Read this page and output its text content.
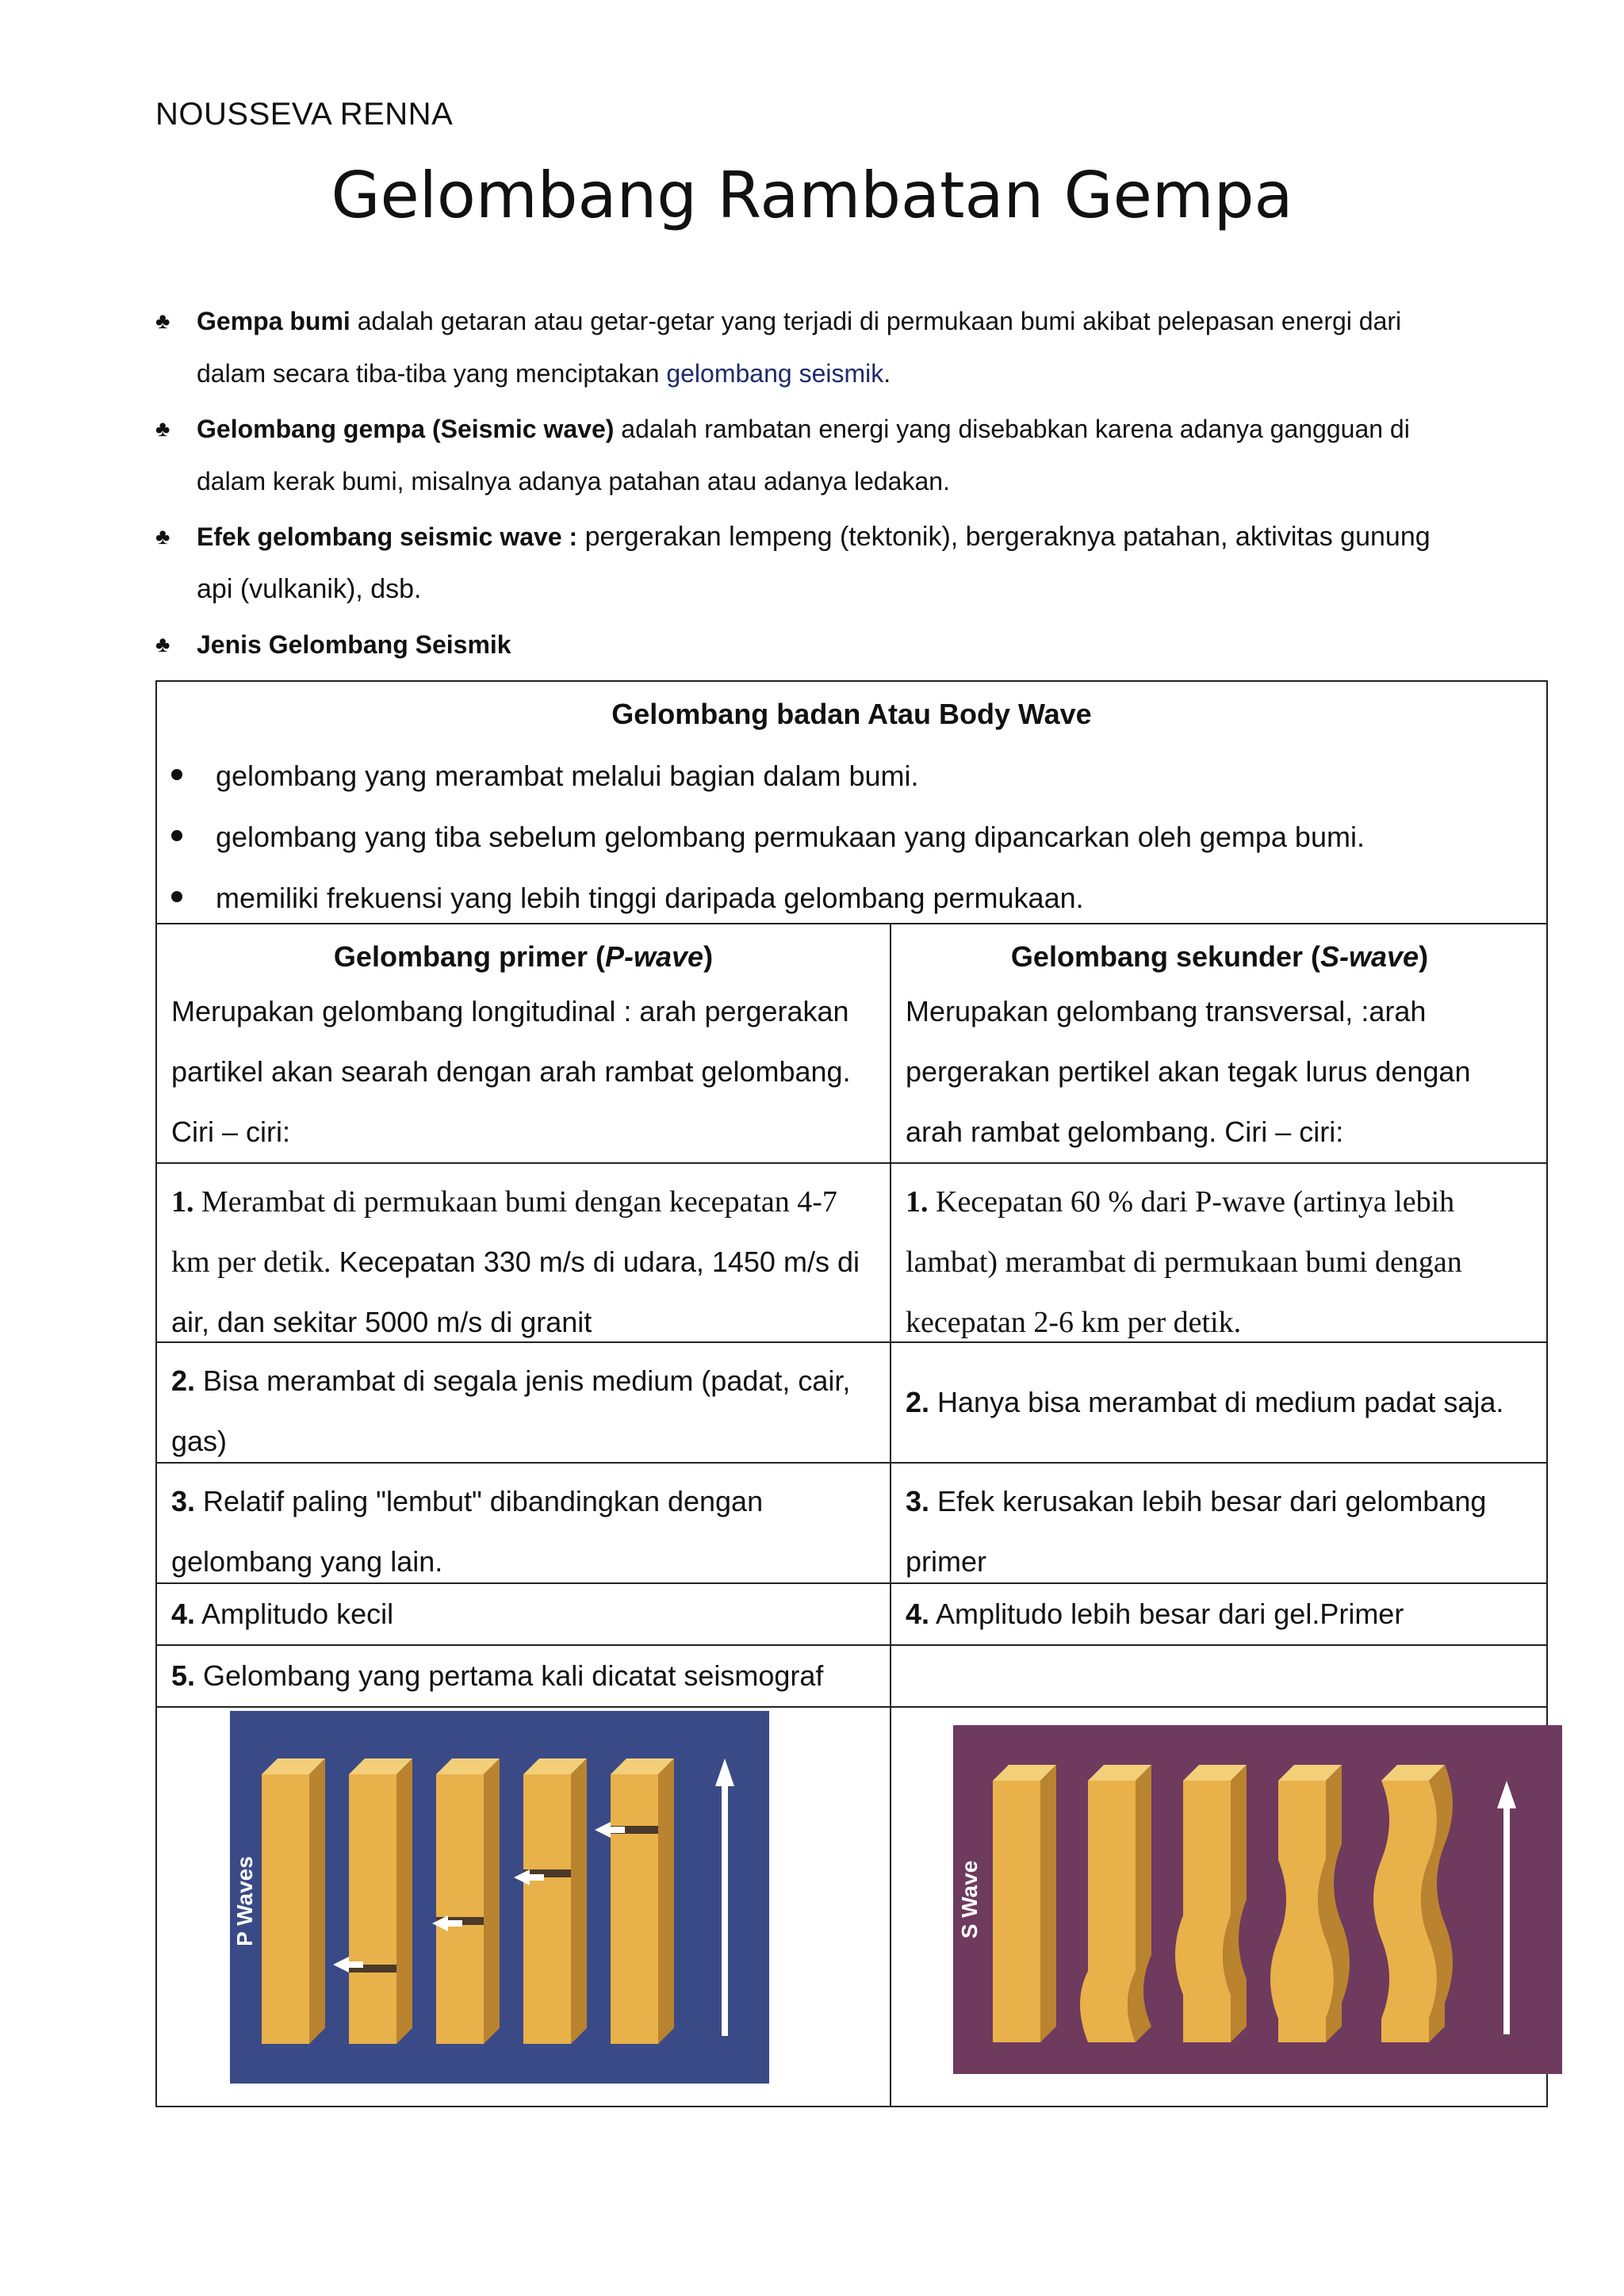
NOUSSEVA RENNA
Gelombang Rambatan Gempa
♣ Gempa bumi adalah getaran atau getar-getar yang terjadi di permukaan bumi akibat pelepasan energi dari dalam secara tiba-tiba yang menciptakan gelombang seismik.
♣ Gelombang gempa (Seismic wave) adalah rambatan energi yang disebabkan karena adanya gangguan di dalam kerak bumi, misalnya adanya patahan atau adanya ledakan.
♣ Efek gelombang seismic wave : pergerakan lempeng (tektonik), bergeraknya patahan, aktivitas gunung api (vulkanik), dsb.
♣ Jenis Gelombang Seismik
Gelombang badan Atau Body Wave
gelombang yang merambat melalui bagian dalam bumi.
gelombang yang tiba sebelum gelombang permukaan yang dipancarkan oleh gempa bumi.
memiliki frekuensi yang lebih tinggi daripada gelombang permukaan.
Gelombang primer (P-wave)
Merupakan gelombang longitudinal : arah pergerakan partikel akan searah dengan arah rambat gelombang. Ciri – ciri:
Gelombang sekunder (S-wave)
Merupakan gelombang transversal, :arah pergerakan pertikel akan tegak lurus dengan arah rambat gelombang. Ciri – ciri:
1. Merambat di permukaan bumi dengan kecepatan 4-7 km per detik. Kecepatan 330 m/s di udara, 1450 m/s di air, dan sekitar 5000 m/s di granit
1. Kecepatan 60 % dari P-wave (artinya lebih lambat) merambat di permukaan bumi dengan kecepatan 2-6 km per detik.
2. Bisa merambat di segala jenis medium (padat, cair, gas)
2. Hanya bisa merambat di medium padat saja.
3. Relatif paling "lembut" dibandingkan dengan gelombang yang lain.
3. Efek kerusakan lebih besar dari gelombang primer
4. Amplitudo kecil	4. Amplitudo lebih besar dari gel.Primer
5. Gelombang yang pertama kali dicatat seismograf
P Waves	S Wave
